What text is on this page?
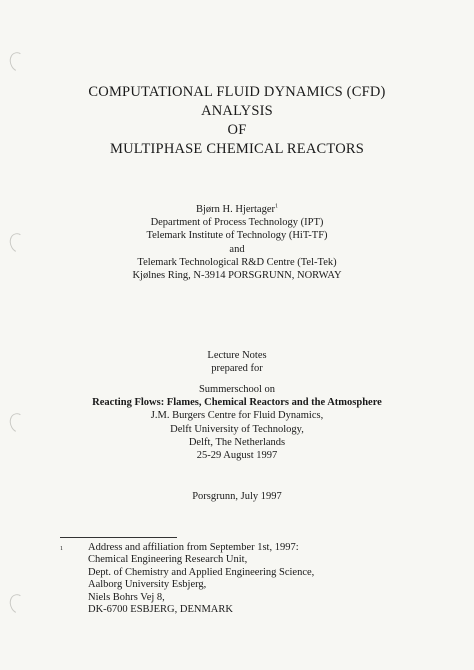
COMPUTATIONAL FLUID DYNAMICS (CFD)
ANALYSIS
OF
MULTIPHASE CHEMICAL REACTORS
Bjørn H. Hjertager$^1$
Department of Process Technology (IPT)
Telemark Institute of Technology (HiT-TF)
and
Telemark Technological R&D Centre (Tel-Tek)
Kjølnes Ring, N-3914 PORSGRUNN, NORWAY
Lecture Notes
prepared for
Summerschool on
Reacting Flows: Flames, Chemical Reactors and the Atmosphere
J.M. Burgers Centre for Fluid Dynamics,
Delft University of Technology,
Delft, The Netherlands
25-29 August 1997
Porsgrunn, July 1997
1 Address and affiliation from September 1st, 1997:
Chemical Engineering Research Unit,
Dept. of Chemistry and Applied Engineering Science,
Aalborg University Esbjerg,
Niels Bohrs Vej 8,
DK-6700 ESBJERG, DENMARK
